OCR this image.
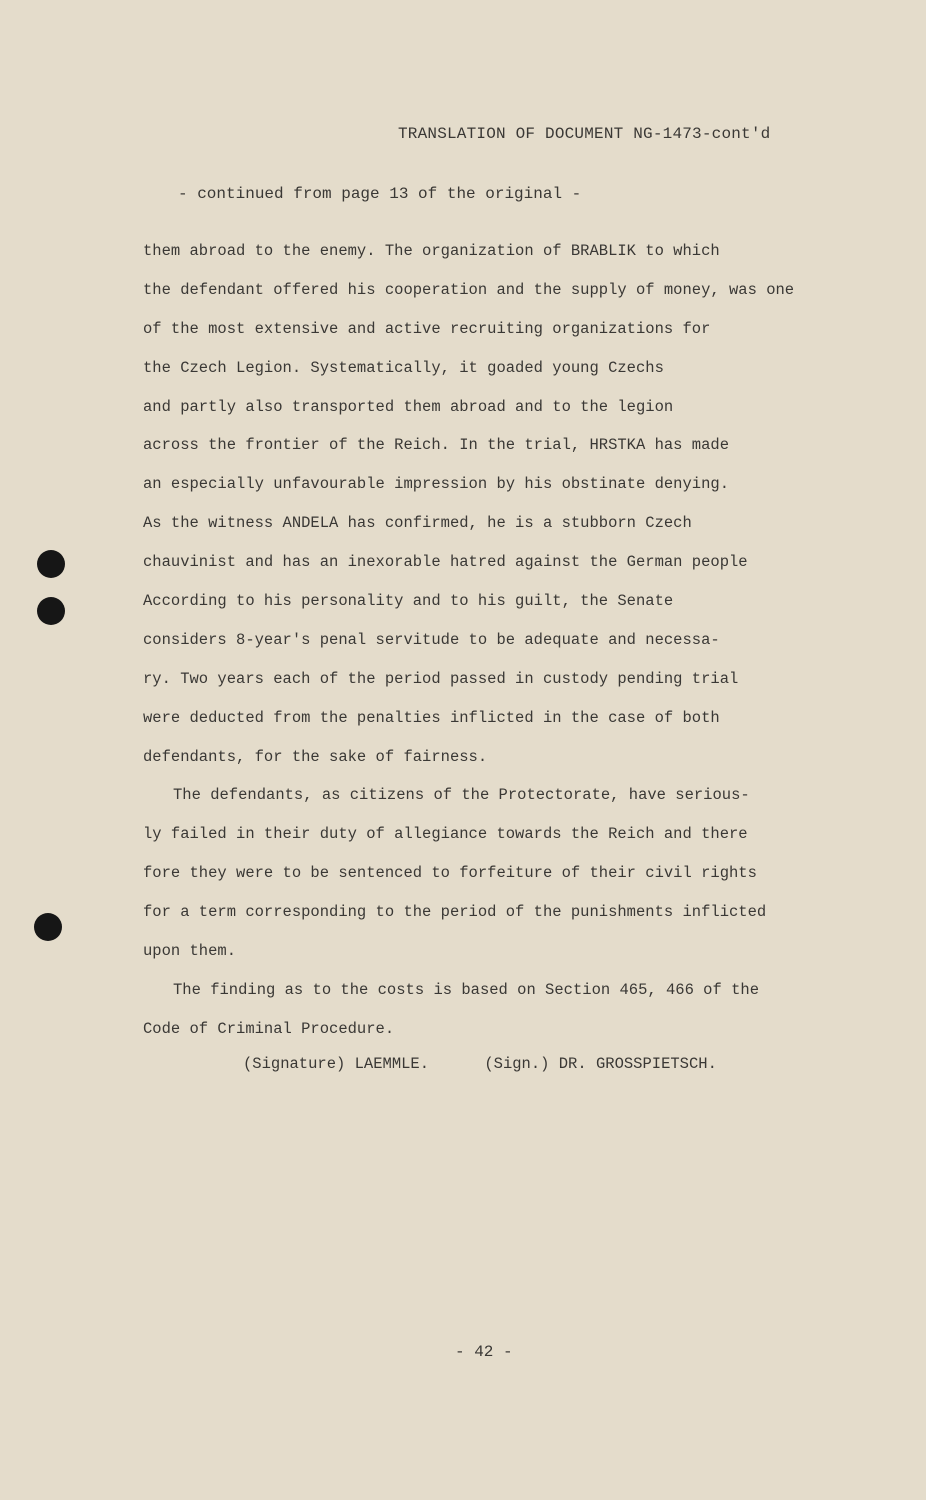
TRANSLATION OF DOCUMENT NG-1473-cont'd
- continued from page 13 of the original -
them abroad to the enemy. The organization of BRABLIK to which
the defendant offered his cooperation and the supply of money, was one
of the most extensive and active recruiting organizations for
the Czech Legion. Systematically, it goaded young Czechs
and partly also transported them abroad and to the legion
across the frontier of the Reich. In the trial, HRSTKA has made
an especially unfavourable impression by his obstinate denying.
As the witness ANDELA has confirmed, he is a stubborn Czech
chauvinist and has an inexorable hatred against the German people
According to his personality and to his guilt, the Senate
considers 8-year's penal servitude to be adequate and necessa-
ry. Two years each of the period passed in custody pending trial
were deducted from the penalties inflicted in the case of both
defendants, for the sake of fairness.
The defendants, as citizens of the Protectorate, have serious-
ly failed in their duty of allegiance towards the Reich and there
fore they were to be sentenced to forfeiture of their civil rights
for a term corresponding to the period of the punishments inflicted
upon them.
The finding as to the costs is based on Section 465, 466 of the
Code of Criminal Procedure.
(Signature) LAEMMLE.	(Sign.) DR. GROSSPIETSCH.
- 42 -
